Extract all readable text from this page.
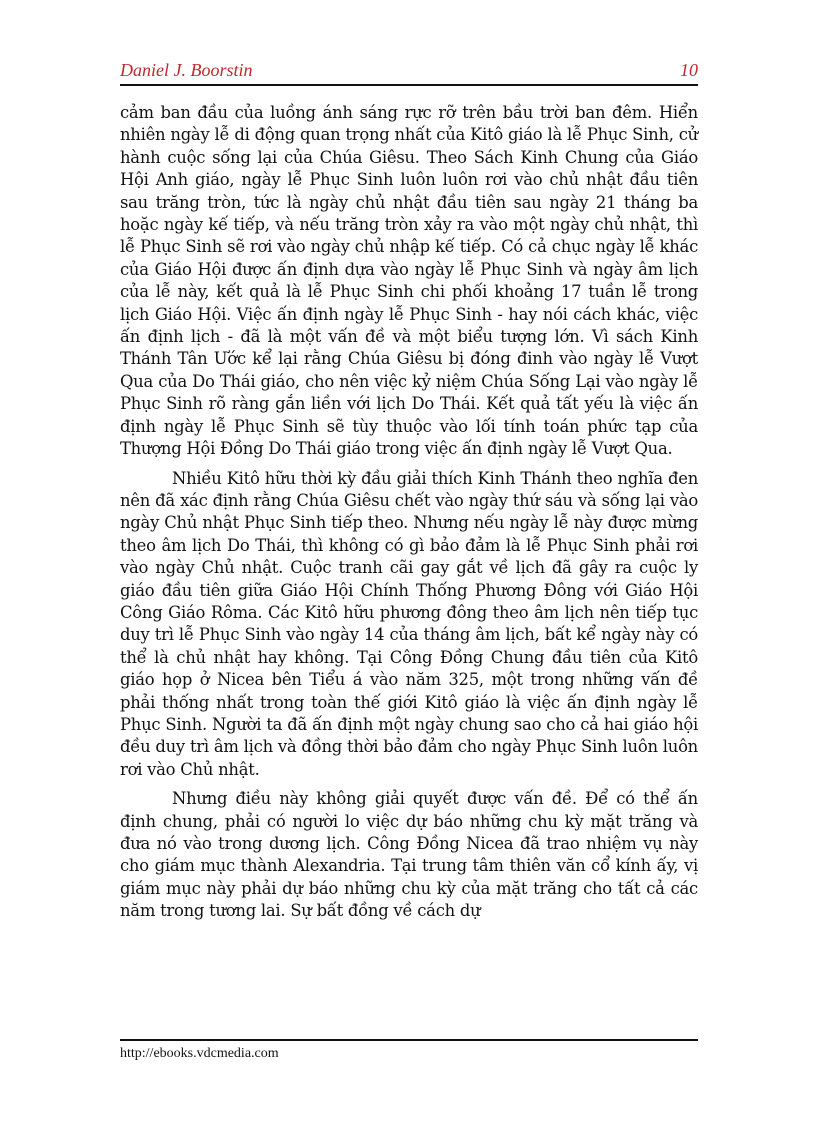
Daniel J. Boorstin	10

cảm ban đầu của luồng ánh sáng rực rỡ trên bầu trời ban đêm. Hiển nhiên ngày lễ di động quan trọng nhất của Kitô giáo là lễ Phục Sinh, cử hành cuộc sống lại của Chúa Giêsu. Theo Sách Kinh Chung của Giáo Hội Anh giáo, ngày lễ Phục Sinh luôn luôn rơi vào chủ nhật đầu tiên sau trăng tròn, tức là ngày chủ nhật đầu tiên sau ngày 21 tháng ba hoặc ngày kế tiếp, và nếu trăng tròn xảy ra vào một ngày chủ nhật, thì lễ Phục Sinh sẽ rơi vào ngày chủ nhập kế tiếp. Có cả chục ngày lễ khác của Giáo Hội được ấn định dựa vào ngày lễ Phục Sinh và ngày âm lịch của lễ này, kết quả là lễ Phục Sinh chi phối khoảng 17 tuần lễ trong lịch Giáo Hội. Việc ấn định ngày lễ Phục Sinh - hay nói cách khác, việc ấn định lịch - đã là một vấn đề và một biểu tượng lớn. Vì sách Kinh Thánh Tân Ước kể lại rằng Chúa Giêsu bị đóng đinh vào ngày lễ Vượt Qua của Do Thái giáo, cho nên việc kỷ niệm Chúa Sống Lại vào ngày lễ Phục Sinh rõ ràng gắn liền với lịch Do Thái. Kết quả tất yếu là việc ấn định ngày lễ Phục Sinh sẽ tùy thuộc vào lối tính toán phức tạp của Thượng Hội Đồng Do Thái giáo trong việc ấn định ngày lễ Vượt Qua.

Nhiều Kitô hữu thời kỳ đầu giải thích Kinh Thánh theo nghĩa đen nên đã xác định rằng Chúa Giêsu chết vào ngày thứ sáu và sống lại vào ngày Chủ nhật Phục Sinh tiếp theo. Nhưng nếu ngày lễ này được mừng theo âm lịch Do Thái, thì không có gì bảo đảm là lễ Phục Sinh phải rơi vào ngày Chủ nhật. Cuộc tranh cãi gay gắt về lịch đã gây ra cuộc ly giáo đầu tiên giữa Giáo Hội Chính Thống Phương Đông với Giáo Hội Công Giáo Rôma. Các Kitô hữu phương đông theo âm lịch nên tiếp tục duy trì lễ Phục Sinh vào ngày 14 của tháng âm lịch, bất kể ngày này có thể là chủ nhật hay không. Tại Công Đồng Chung đầu tiên của Kitô giáo họp ở Nicea bên Tiểu á vào năm 325, một trong những vấn đề phải thống nhất trong toàn thế giới Kitô giáo là việc ấn định ngày lễ Phục Sinh. Người ta đã ấn định một ngày chung sao cho cả hai giáo hội đều duy trì âm lịch và đồng thời bảo đảm cho ngày Phục Sinh luôn luôn rơi vào Chủ nhật.

Nhưng điều này không giải quyết được vấn đề. Để có thể ấn định chung, phải có người lo việc dự báo những chu kỳ mặt trăng và đưa nó vào trong dương lịch. Công Đồng Nicea đã trao nhiệm vụ này cho giám mục thành Alexandria. Tại trung tâm thiên văn cổ kính ấy, vị giám mục này phải dự báo những chu kỳ của mặt trăng cho tất cả các năm trong tương lai. Sự bất đồng về cách dự

http://ebooks.vdcmedia.com
